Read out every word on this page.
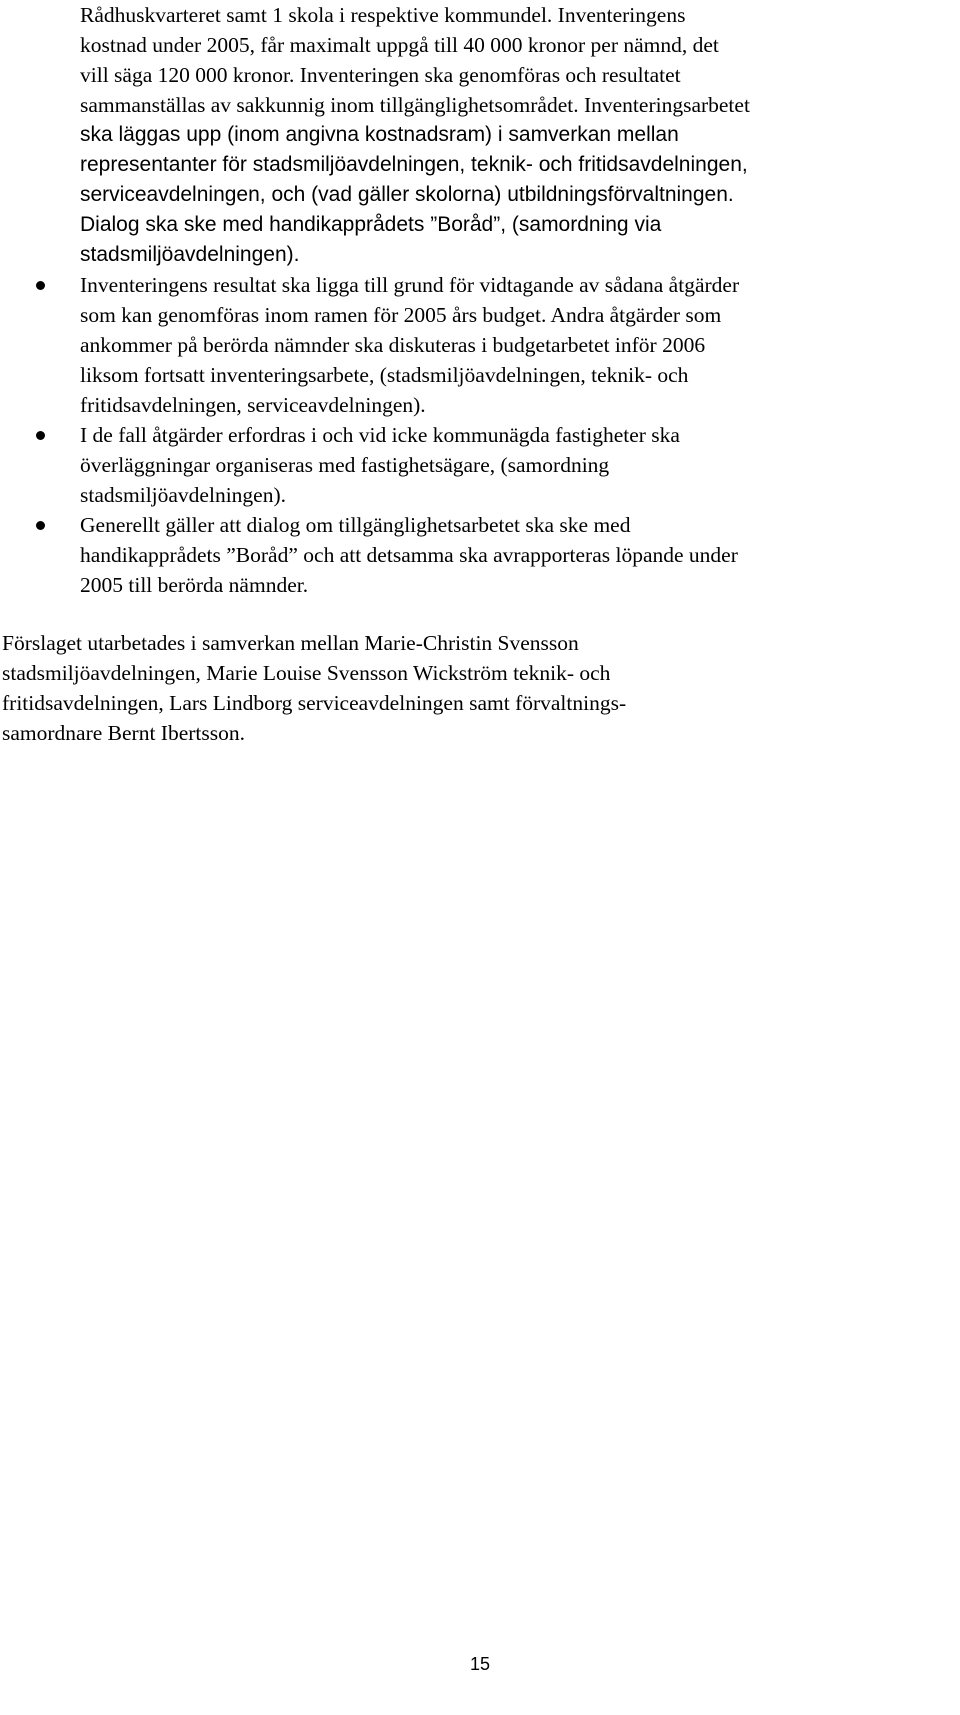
Rådhuskvarteret samt 1 skola i respektive kommundel. Inventeringens
kostnad under 2005, får maximalt uppgå till 40 000 kronor per nämnd, det
vill säga 120 000 kronor. Inventeringen ska genomföras och resultatet
sammanställas av sakkunnig inom tillgänglighetsområdet. Inventeringsarbetet
ska läggas upp (inom angivna kostnadsram) i samverkan mellan
representanter för stadsmiljöavdelningen, teknik- och fritidsavdelningen,
serviceavdelningen, och (vad gäller skolorna) utbildningsförvaltningen.
Dialog ska ske med handikapprådets ”Boråd”, (samordning via
stadsmiljöavdelningen).
Inventeringens resultat ska ligga till grund för vidtagande av sådana åtgärder
som kan genomföras inom ramen för 2005 års budget. Andra åtgärder som
ankommer på berörda nämnder ska diskuteras i budgetarbetet inför 2006
liksom fortsatt inventeringsarbete, (stadsmiljöavdelningen, teknik- och
fritidsavdelningen, serviceavdelningen).
I de fall åtgärder erfordras i och vid icke kommunägda fastigheter ska
överläggningar organiseras med fastighetsägare, (samordning
stadsmiljöavdelningen).
Generellt gäller att dialog om tillgänglighetsarbetet ska ske med
handikapprådets ”Boråd” och att detsamma ska avrapporteras löpande under
2005 till berörda nämnder.
Förslaget utarbetades i samverkan mellan Marie-Christin Svensson
stadsmiljöavdelningen, Marie Louise Svensson Wickström teknik- och
fritidsavdelningen, Lars Lindborg serviceavdelningen samt förvaltnings-
samordnare Bernt Ibertsson.
15
